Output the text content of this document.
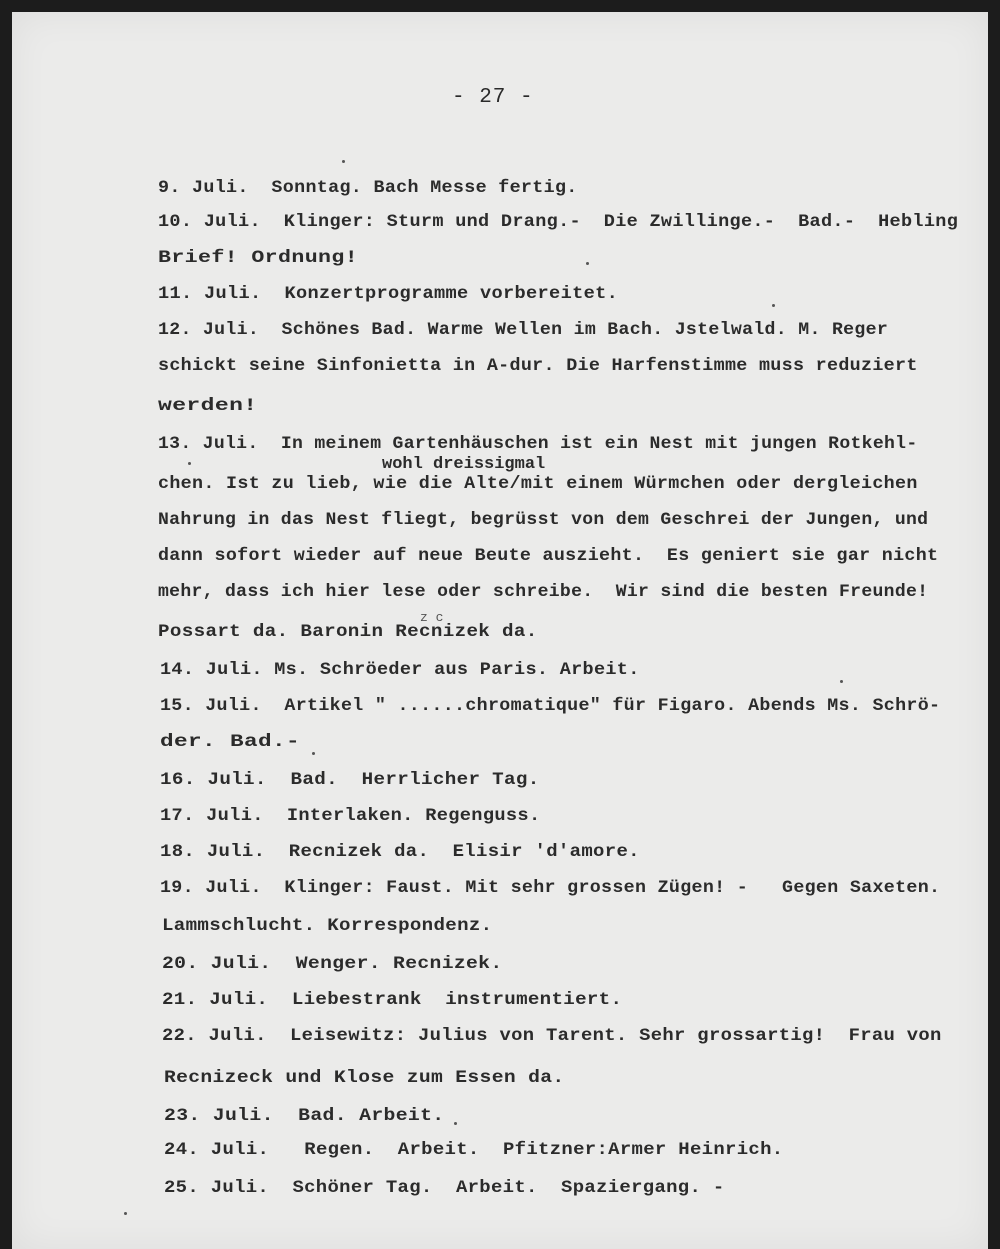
- 27 -
9. Juli.  Sonntag. Bach Messe fertig.
10. Juli.  Klinger: Sturm und Drang.-  Die Zwillinge.-  Bad.-  Hebling
Brief! Ordnung!
11. Juli.  Konzertprogramme vorbereitet.
12. Juli.  Schönes Bad. Warme Wellen im Bach. Jstelwald. M. Reger
schickt seine Sinfonietta in A-dur. Die Harfenstimme muss reduziert
werden!
13. Juli.  In meinem Gartenhäuschen ist ein Nest mit jungen Rotkehl-
wohl dreissigmal
chen. Ist zu lieb, wie die Alte/mit einem Würmchen oder dergleichen
Nahrung in das Nest fliegt, begrüsst von dem Geschrei der Jungen, und
dann sofort wieder auf neue Beute auszieht.  Es geniert sie gar nicht
mehr, dass ich hier lese oder schreibe.  Wir sind die besten Freunde!
z c
Possart da. Baronin Recnizek da.
14. Juli. Ms. Schröeder aus Paris. Arbeit.
15. Juli.  Artikel " ......chromatique" für Figaro. Abends Ms. Schrö-
der. Bad.-
16. Juli.  Bad.  Herrlicher Tag.
17. Juli.  Interlaken. Regenguss.
18. Juli.  Recnizek da.  Elisir 'd'amore.
19. Juli.  Klinger: Faust. Mit sehr grossen Zügen! -   Gegen Saxeten.
Lammschlucht. Korrespondenz.
20. Juli.  Wenger. Recnizek.
21. Juli.  Liebestrank  instrumentiert.
22. Juli.  Leisewitz: Julius von Tarent. Sehr grossartig!  Frau von
Recnizeck und Klose zum Essen da.
23. Juli.  Bad. Arbeit.
24. Juli.   Regen.  Arbeit.  Pfitzner:Armer Heinrich.
25. Juli.  Schöner Tag.  Arbeit.  Spaziergang. -
